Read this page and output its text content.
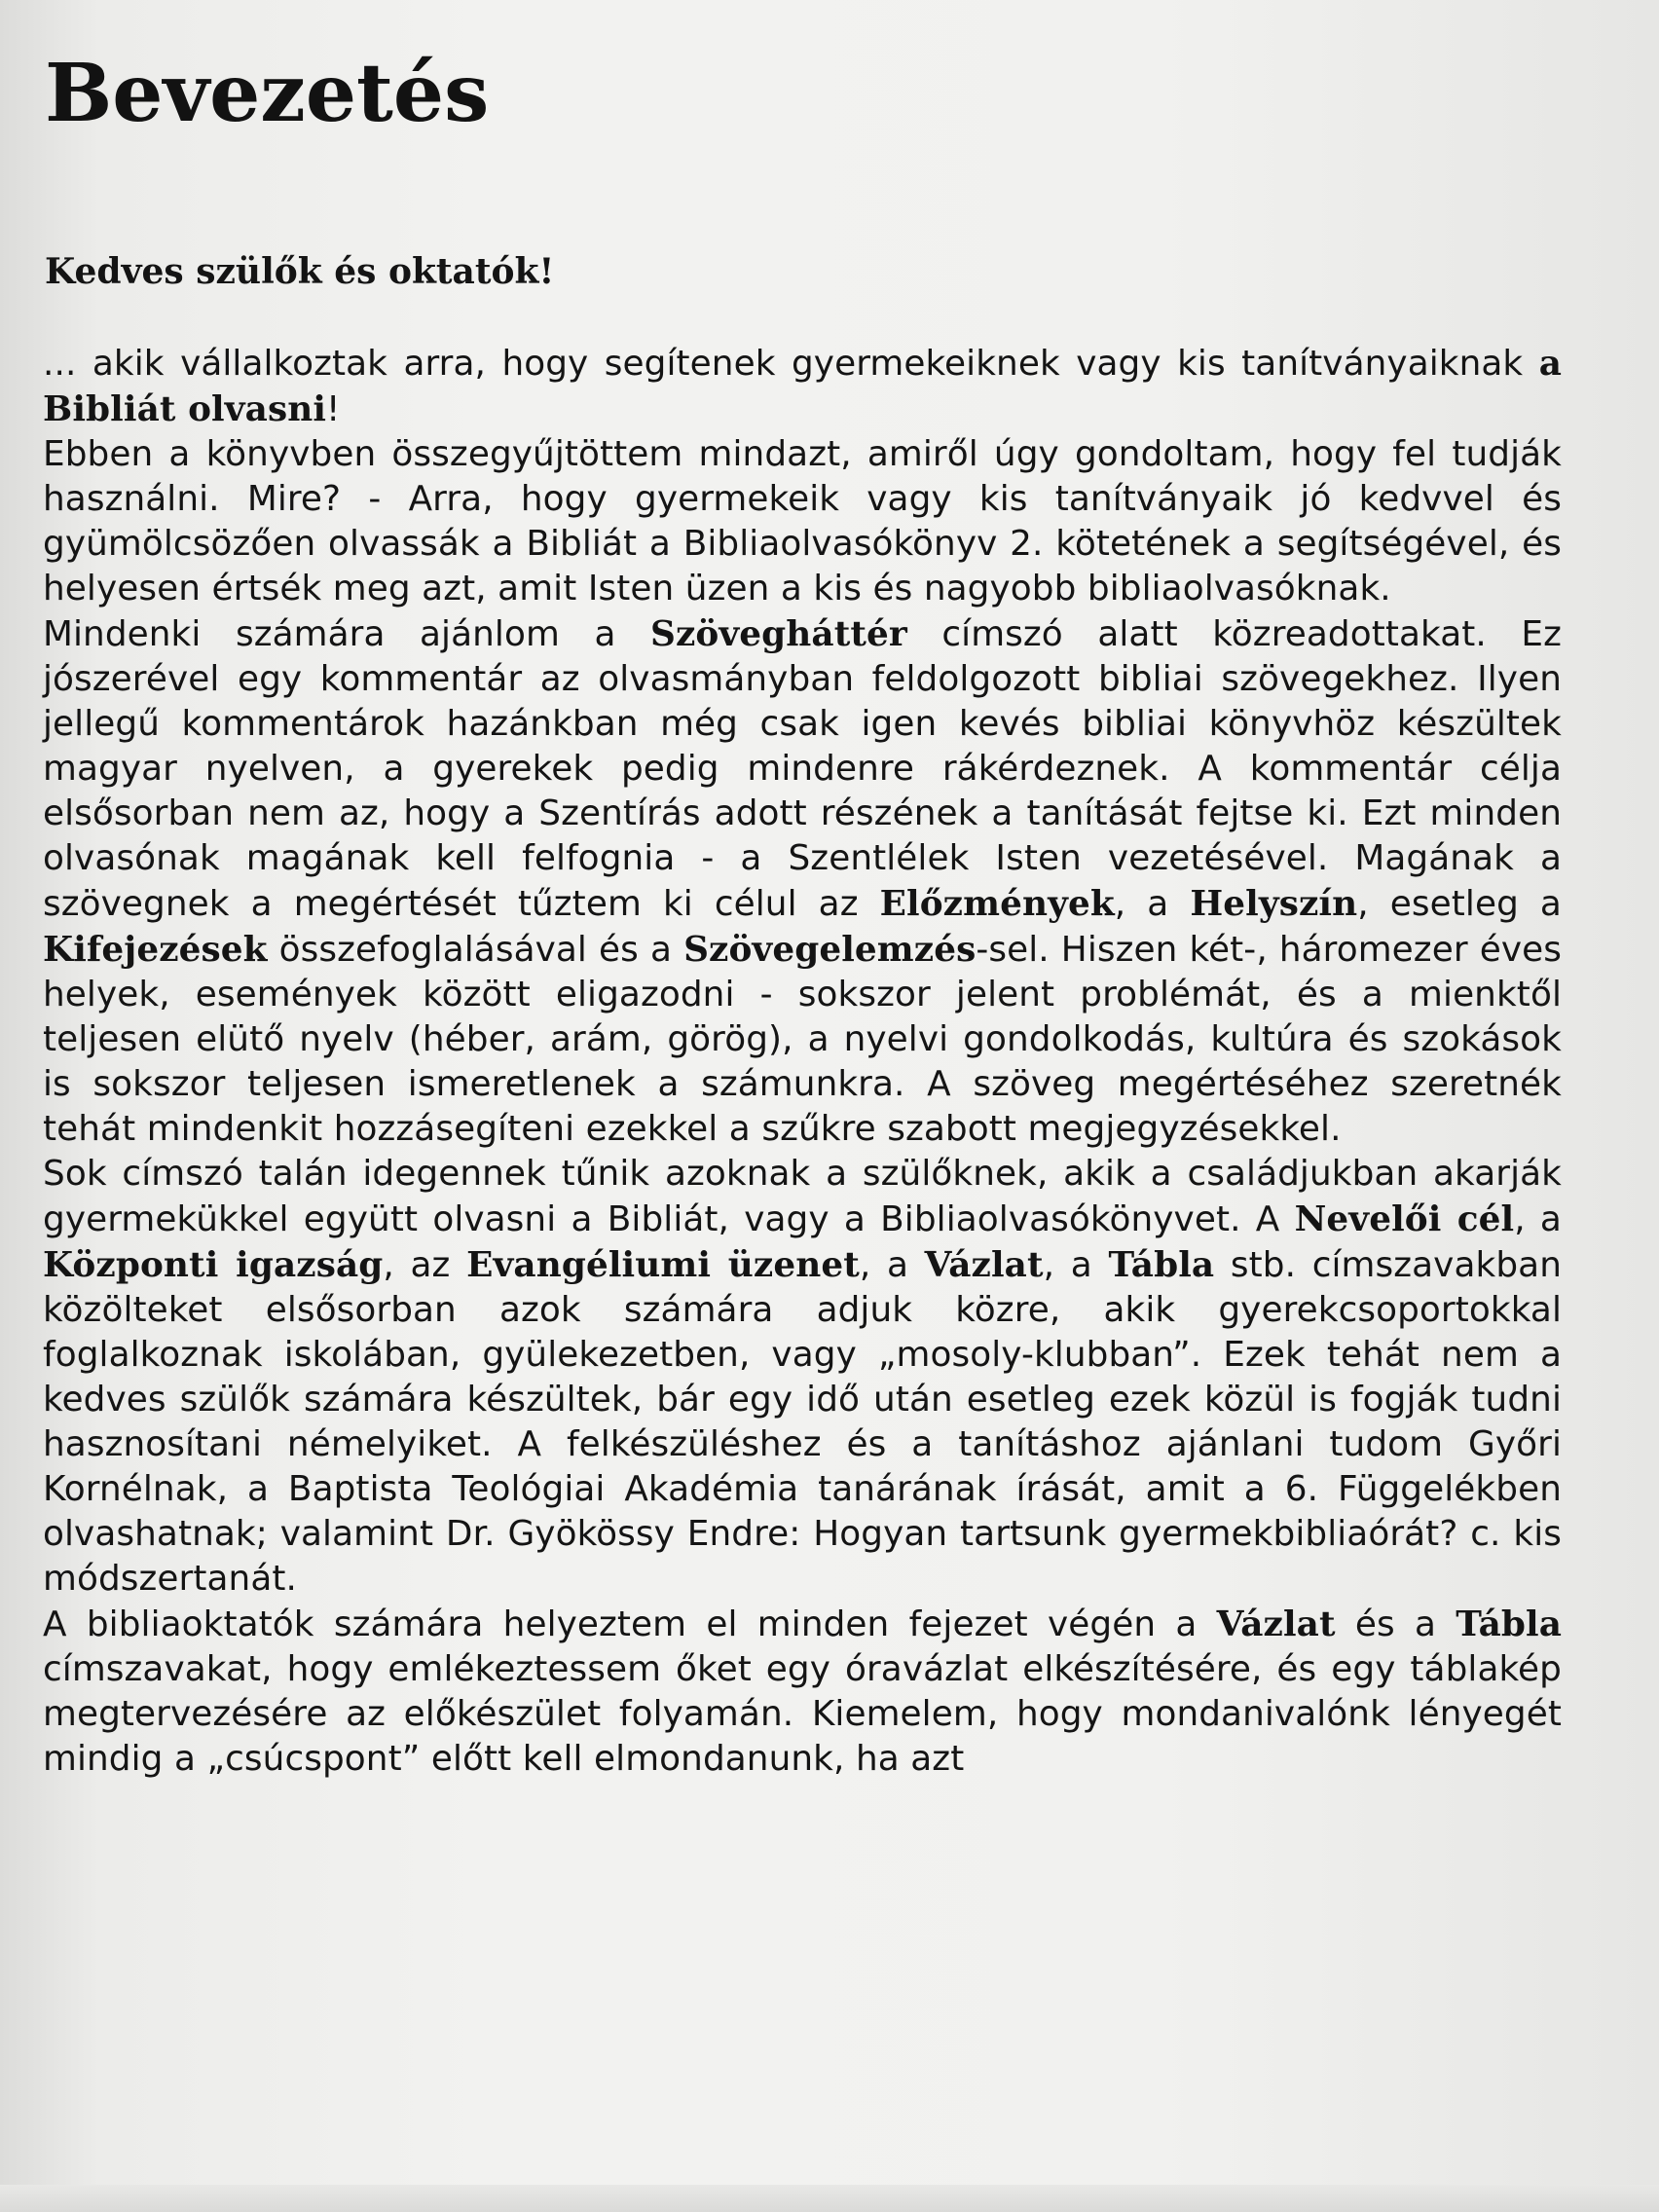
Bevezetés
Kedves szülők és oktatók!

... akik vállalkoztak arra, hogy segítenek gyermekeiknek vagy kis tanítványaiknak a Bibliát olvasni!

Ebben a könyvben összegyűjtöttem mindazt, amiről úgy gondoltam, hogy fel tudják használni. Mire? - Arra, hogy gyermekeik vagy kis tanítványaik jó kedvvel és gyümölcsözően olvassák a Bibliát a Bibliaolvasókönyv 2. kötetének a segítségével, és helyesen értsék meg azt, amit Isten üzen a kis és nagyobb bibliaolvasóknak.

Mindenki számára ajánlom a Szövegháttér címszó alatt közreadottakat. Ez jószerével egy kommentár az olvasmányban feldolgozott bibliai szövegekhez. Ilyen jellegű kommentárok hazánkban még csak igen kevés bibliai könyvhöz készültek magyar nyelven, a gyerekek pedig mindenre rákérdeznek. A kommentár célja elsősorban nem az, hogy a Szentírás adott részének a tanítását fejtse ki. Ezt minden olvasónak magának kell felfognia - a Szentlélek Isten vezetésével. Magának a szövegnek a megértését tűztem ki célul az Előzmények, a Helyszín, esetleg a Kifejezések összefoglalásával és a Szövegelemzés-sel. Hiszen két-, háromezer éves helyek, események között eligazodni - sokszor jelent problémát, és a mienktől teljesen elütő nyelv (héber, arám, görög), a nyelvi gondolkodás, kultúra és szokások is sokszor teljesen ismeretlenek a számunkra. A szöveg megértéséhez szeretnék tehát mindenkit hozzásegíteni ezekkel a szűkre szabott megjegyzésekkel.

Sok címszó talán idegennek tűnik azoknak a szülőknek, akik a családjukban akarják gyermekükkel együtt olvasni a Bibliát, vagy a Bibliaolvasókönyvet. A Nevelői cél, a Központi igazság, az Evangéliumi üzenet, a Vázlat, a Tábla stb. címszavakban közölteket elsősorban azok számára adjuk közre, akik gyerekcsoportokkal foglalkoznak iskolában, gyülekezetben, vagy „mosoly-klubban”. Ezek tehát nem a kedves szülők számára készültek, bár egy idő után esetleg ezek közül is fogják tudni hasznosítani némelyiket. A felkészüléshez és a tanításhoz ajánlani tudom Győri Kornélnak, a Baptista Teológiai Akadémia tanárának írását, amit a 6. Függelékben olvashatnak; valamint Dr. Gyökössy Endre: Hogyan tartsunk gyermekbibliaórát? c. kis módszertanát.

A bibliaoktatók számára helyeztem el minden fejezet végén a Vázlat és a Tábla címszavakat, hogy emlékeztessem őket egy óravázlat elkészítésére, és egy táblakép megtervezésére az előkészület folyamán. Kiemelem, hogy mondanivalónk lényegét mindig a „csúcspont” előtt kell elmondanunk, ha azt
